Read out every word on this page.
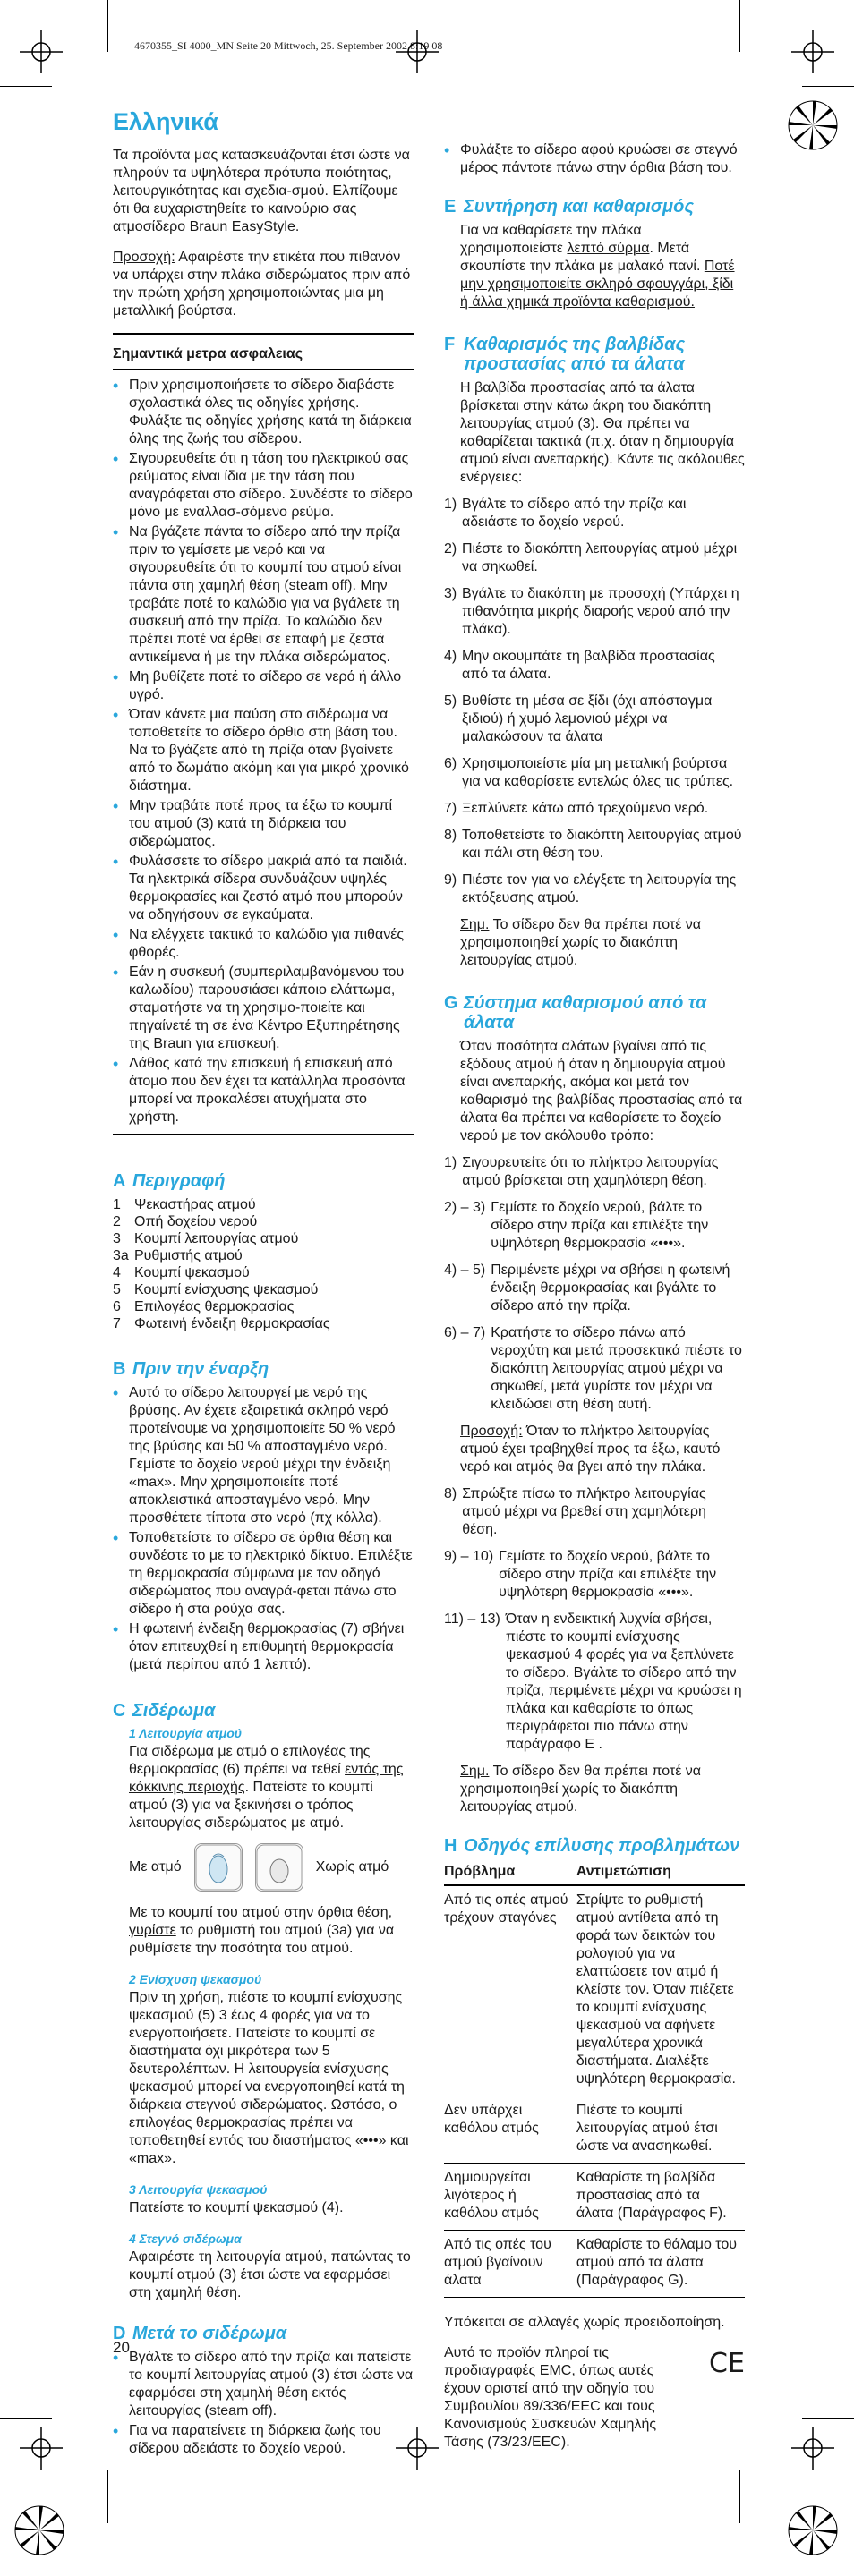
4670355_SI 4000_MN Seite 20 Mittwoch, 25. September 2002 8:19 08
Ελληνικά

Τα προϊόντα μας κατασκευάζονται έτσι ώστε να πληρούν τα υψηλότερα πρότυπα ποιότητας, λειτουργικότητας και σχεδια-σμού. Ελπίζουμε ότι θα ευχαριστηθείτε το καινούριο σας ατμοσίδερο Braun EasyStyle.

Προσοχή: Αφαιρέστε την ετικέτα που πιθανόν να υπάρχει στην πλάκα σιδερώματος πριν από την πρώτη χρήση χρησιμοποιώντας μια μη μεταλλική βούρτσα.

Σημαντικά μετρα ασφαλειας
• Πριν χρησιμοποιήσετε το σίδερο διαβάστε σχολαστικά όλες τις οδηγίες χρήσης. Φυλάξτε τις οδηγίες χρήσης κατά τη διάρκεια όλης της ζωής του σίδερου.
• Σιγουρευθείτε ότι η τάση του ηλεκτρικού σας ρεύματος είναι ίδια με την τάση που αναγράφεται στο σίδερο. Συνδέστε το σίδερο μόνο με εναλλασ-σόμενο ρεύμα.
• Να βγάζετε πάντα το σίδερο από την πρίζα πριν το γεμίσετε με νερό και να σιγουρευθείτε ότι το κουμπί του ατμού είναι πάντα στη χαμηλή θέση (steam off). Μην τραβάτε ποτέ το καλώδιο για να βγάλετε τη συσκευή από την πρίζα. Το καλώδιο δεν πρέπει ποτέ να έρθει σε επαφή με ζεστά αντικείμενα ή με την πλάκα σιδερώματος.
• Μη βυθίζετε ποτέ το σίδερο σε νερό ή άλλο υγρό.
• Όταν κάνετε μια παύση στο σιδέρωμα να τοποθετείτε το σίδερο όρθιο στη βάση του. Να το βγάζετε από τη πρίζα όταν βγαίνετε από το δωμάτιο ακόμη και για μικρό χρονικό διάστημα.
• Μην τραβάτε ποτέ προς τα έξω το κουμπί του ατμού (3) κατά τη διάρκεια του σιδερώματος.
• Φυλάσσετε το σίδερο μακριά από τα παιδιά. Τα ηλεκτρικά σίδερα συνδυάζουν υψηλές θερμοκρασίες και ζεστό ατμό που μπορούν να οδηγήσουν σε εγκαύματα.
• Να ελέγχετε τακτικά το καλώδιο για πιθανές φθορές.
• Εάν η συσκευή (συμπεριλαμβανόμενου του καλωδίου) παρουσιάσει κάποιο ελάττωμα, σταματήστε να τη χρησιμο-ποιείτε και πηγαίνετέ τη σε ένα Κέντρο Εξυπηρέτησης της Braun για επισκευή.
• Λάθος κατά την επισκευή ή επισκευή από άτομο που δεν έχει τα κατάλληλα προσόντα μπορεί να προκαλέσει ατυχήματα στο χρήστη.
A Περιγραφή
1 Ψεκαστήρας ατμού
2 Οπή δοχείου νερού
3 Κουμπί λειτουργίας ατμού
3a Ρυθμιστής ατμού
4 Κουμπί ψεκασμού
5 Κουμπί ενίσχυσης ψεκασμού
6 Επιλογέας θερμοκρασίας
7 Φωτεινή ένδειξη θερμοκρασίας
B Πριν την έναρξη
• Αυτό το σίδερο λειτουργεί με νερό της βρύσης. Αν έχετε εξαιρετικά σκληρό νερό προτείνουμε να χρησιμοποιείτε 50 % νερό της βρύσης και 50 % αποσταγμένο νερό. Γεμίστε το δοχείο νερού μέχρι την ένδειξη «max». Μην χρησιμοποιείτε ποτέ αποκλειστικά αποσταγμένο νερό. Μην προσθέτετε τίποτα στο νερό (πχ κόλλα).
• Τοποθετείστε το σίδερο σε όρθια θέση και συνδέστε το με το ηλεκτρικό δίκτυο. Επιλέξτε τη θερμοκρασία σύμφωνα με τον οδηγό σιδερώματος που αναγρά-φεται πάνω στο σίδερο ή στα ρούχα σας.
• Η φωτεινή ένδειξη θερμοκρασίας (7) σβήνει όταν επιτευχθεί η επιθυμητή θερμοκρασία (μετά περίπου από 1 λεπτό).
C Σιδέρωμα
1 Λειτουργία ατμού
Για σιδέρωμα με ατμό ο επιλογέας της θερμοκρασίας (6) πρέπει να τεθεί εντός της κόκκινης περιοχής. Πατείστε το κουμπί ατμού (3) για να ξεκινήσει ο τρόπος λειτουργίας σιδερώματος με ατμό.
Με ατμό	Χωρίς ατμό
Με το κουμπί του ατμού στην όρθια θέση, γυρίστε το ρυθμιστή του ατμού (3a) για να ρυθμίσετε την ποσότητα του ατμού.
2 Ενίσχυση ψεκασμού
Πριν τη χρήση, πιέστε το κουμπί ενίσχυσης ψεκασμού (5) 3 έως 4 φορές για να το ενεργοποιήσετε. Πατείστε το κουμπί σε διαστήματα όχι μικρότερα των 5 δευτερολέπτων. Η λειτουργεία ενίσχυσης ψεκασμού μπορεί να ενεργοποιηθεί κατά τη διάρκεια στεγνού σιδερώματος. Ωστόσο, ο επιλογέας θερμοκρασίας πρέπει να τοποθετηθεί εντός του διαστήματος «•••» και «max».
3 Λειτουργία ψεκασμού
Πατείστε το κουμπί ψεκασμού (4).
4 Στεγνό σιδέρωμα
Αφαιρέστε τη λειτουργία ατμού, πατώντας το κουμπί ατμού (3) έτσι ώστε να εφαρμόσει στη χαμηλή θέση.
D Μετά το σιδέρωμα
• Βγάλτε το σίδερο από την πρίζα και πατείστε το κουμπί λειτουργίας ατμού (3) έτσι ώστε να εφαρμόσει στη χαμηλή θέση εκτός λειτουργίας (steam off).
• Για να παρατείνετε τη διάρκεια ζωής του σίδερου αδειάστε το δοχείο νερού.
• Φυλάξτε το σίδερο αφού κρυώσει σε στεγνό μέρος πάντοτε πάνω στην όρθια βάση του.
E Συντήρηση και καθαρισμός
Για να καθαρίσετε την πλάκα χρησιμοποιείστε λεπτό σύρμα. Μετά σκουπίστε την πλάκα με μαλακό πανί. Ποτέ μην χρησιμοποιείτε σκληρό σφουγγάρι, ξίδι ή άλλα χημικά προϊόντα καθαρισμού.
F Καθαρισμός της βαλβίδας προστασίας από τα άλατα
Η βαλβίδα προστασίας από τα άλατα βρίσκεται στην κάτω άκρη του διακόπτη λειτουργίας ατμού (3). Θα πρέπει να καθαρίζεται τακτικά (π.χ. όταν η δημιουργία ατμού είναι ανεπαρκής). Κάντε τις ακόλουθες ενέργειες:
1) Βγάλτε το σίδερο από την πρίζα και αδειάστε το δοχείο νερού.
2) Πιέστε το διακόπτη λειτουργίας ατμού μέχρι να σηκωθεί.
3) Βγάλτε το διακόπτη με προσοχή (Υπάρχει η πιθανότητα μικρής διαροής νερού από την πλάκα).
4) Μην ακουμπάτε τη βαλβίδα προστασίας από τα άλατα.
5) Βυθίστε τη μέσα σε ξίδι (όχι απόσταγμα ξιδιού) ή χυμό λεμονιού μέχρι να μαλακώσουν τα άλατα
6) Χρησιμοποιείστε μία μη μεταλική βούρτσα για να καθαρίσετε εντελώς όλες τις τρύπες.
7) Ξεπλύνετε κάτω από τρεχούμενο νερό.
8) Τοποθετείστε το διακόπτη λειτουργίας ατμού και πάλι στη θέση του.
9) Πιέστε τον για να ελέγξετε τη λειτουργία της εκτόξευσης ατμού.
Σημ. Το σίδερο δεν θα πρέπει ποτέ να χρησιμοποιηθεί χωρίς το διακόπτη λειτουργίας ατμού.
G Σύστημα καθαρισμού από τα άλατα
Όταν ποσότητα αλάτων βγαίνει από τις εξόδους ατμού ή όταν η δημιουργία ατμού είναι ανεπαρκής, ακόμα και μετά τον καθαρισμό της βαλβίδας προστασίας από τα άλατα θα πρέπει να καθαρίσετε το δοχείο νερού με τον ακόλουθο τρόπο:
1) Σιγουρευτείτε ότι το πλήκτρο λειτουργίας ατμού βρίσκεται στη χαμηλότερη θέση.
2) – 3) Γεμίστε το δοχείο νερού, βάλτε το σίδερο στην πρίζα και επιλέξτε την υψηλότερη θερμοκρασία «•••».
4) – 5) Περιμένετε μέχρι να σβήσει η φωτεινή ένδειξη θερμοκρασίας και βγάλτε το σίδερο από την πρίζα.
6) – 7) Κρατήστε το σίδερο πάνω από νεροχύτη και μετά προσεκτικά πιέστε το διακόπτη λειτουργίας ατμού μέχρι να σηκωθεί, μετά γυρίστε τον μέχρι να κλειδώσει στη θέση αυτή.
Προσοχή: Όταν το πλήκτρο λειτουργίας ατμού έχει τραβηχθεί προς τα έξω, καυτό νερό και ατμός θα βγει από την πλάκα.
8) Σπρώξτε πίσω το πλήκτρο λειτουργίας ατμού μέχρι να βρεθεί στη χαμηλότερη θέση.
9) – 10) Γεμίστε το δοχείο νερού, βάλτε το σίδερο στην πρίζα και επιλέξτε την υψηλότερη θερμοκρασία «•••».
11) – 13) Όταν η ενδεικτική λυχνία σβήσει, πιέστε το κουμπί ενίσχυσης ψεκασμού 4 φορές για να ξεπλύνετε το σίδερο. Βγάλτε το σίδερο από την πρίζα, περιμένετε μέχρι να κρυώσει η πλάκα και καθαρίστε το όπως περιγράφεται πιο πάνω στην παράγραφο E .
Σημ. Το σίδερο δεν θα πρέπει ποτέ να χρησιμοποιηθεί χωρίς το διακόπτη λειτουργίας ατμού.
H Οδηγός επίλυσης προβλημάτων
Πρόβλημα	Αντιμετώπιση
Από τις οπές ατμού τρέχουν σταγόνες	Στρίψτε το ρυθμιστή ατμού αντίθετα από τη φορά των δεικτών του ρολογιού για να ελαττώσετε τον ατμό ή κλείστε τον. Όταν πιέζετε το κουμπί ενίσχυσης ψεκασμού να αφήνετε μεγαλύτερα χρονικά διαστήματα. Διαλέξτε υψηλότερη θερμοκρασία.
Δεν υπάρχει καθόλου ατμός	Πιέστε το κουμπί λειτουργίας ατμού έτσι ώστε να ανασηκωθεί.
Δημιουργείται λιγότερος ή καθόλου ατμός	Καθαρίστε τη βαλβίδα προστασίας από τα άλατα (Παράγραφος F).
Από τις οπές του ατμού βγαίνουν άλατα	Καθαρίστε το θάλαμο του ατμού από τα άλατα (Παράγραφος G).

Υπόκειται σε αλλαγές χωρίς προειδοποίηση.

Αυτό το προϊόν πληροί τις προδιαγραφές EMC, όπως αυτές έχουν οριστεί από την οδηγία του Συμβουλίου 89/336/EEC και τους Κανονισμούς Συσκευών Χαμηλής Τάσης (73/23/EEC).

CE
20
